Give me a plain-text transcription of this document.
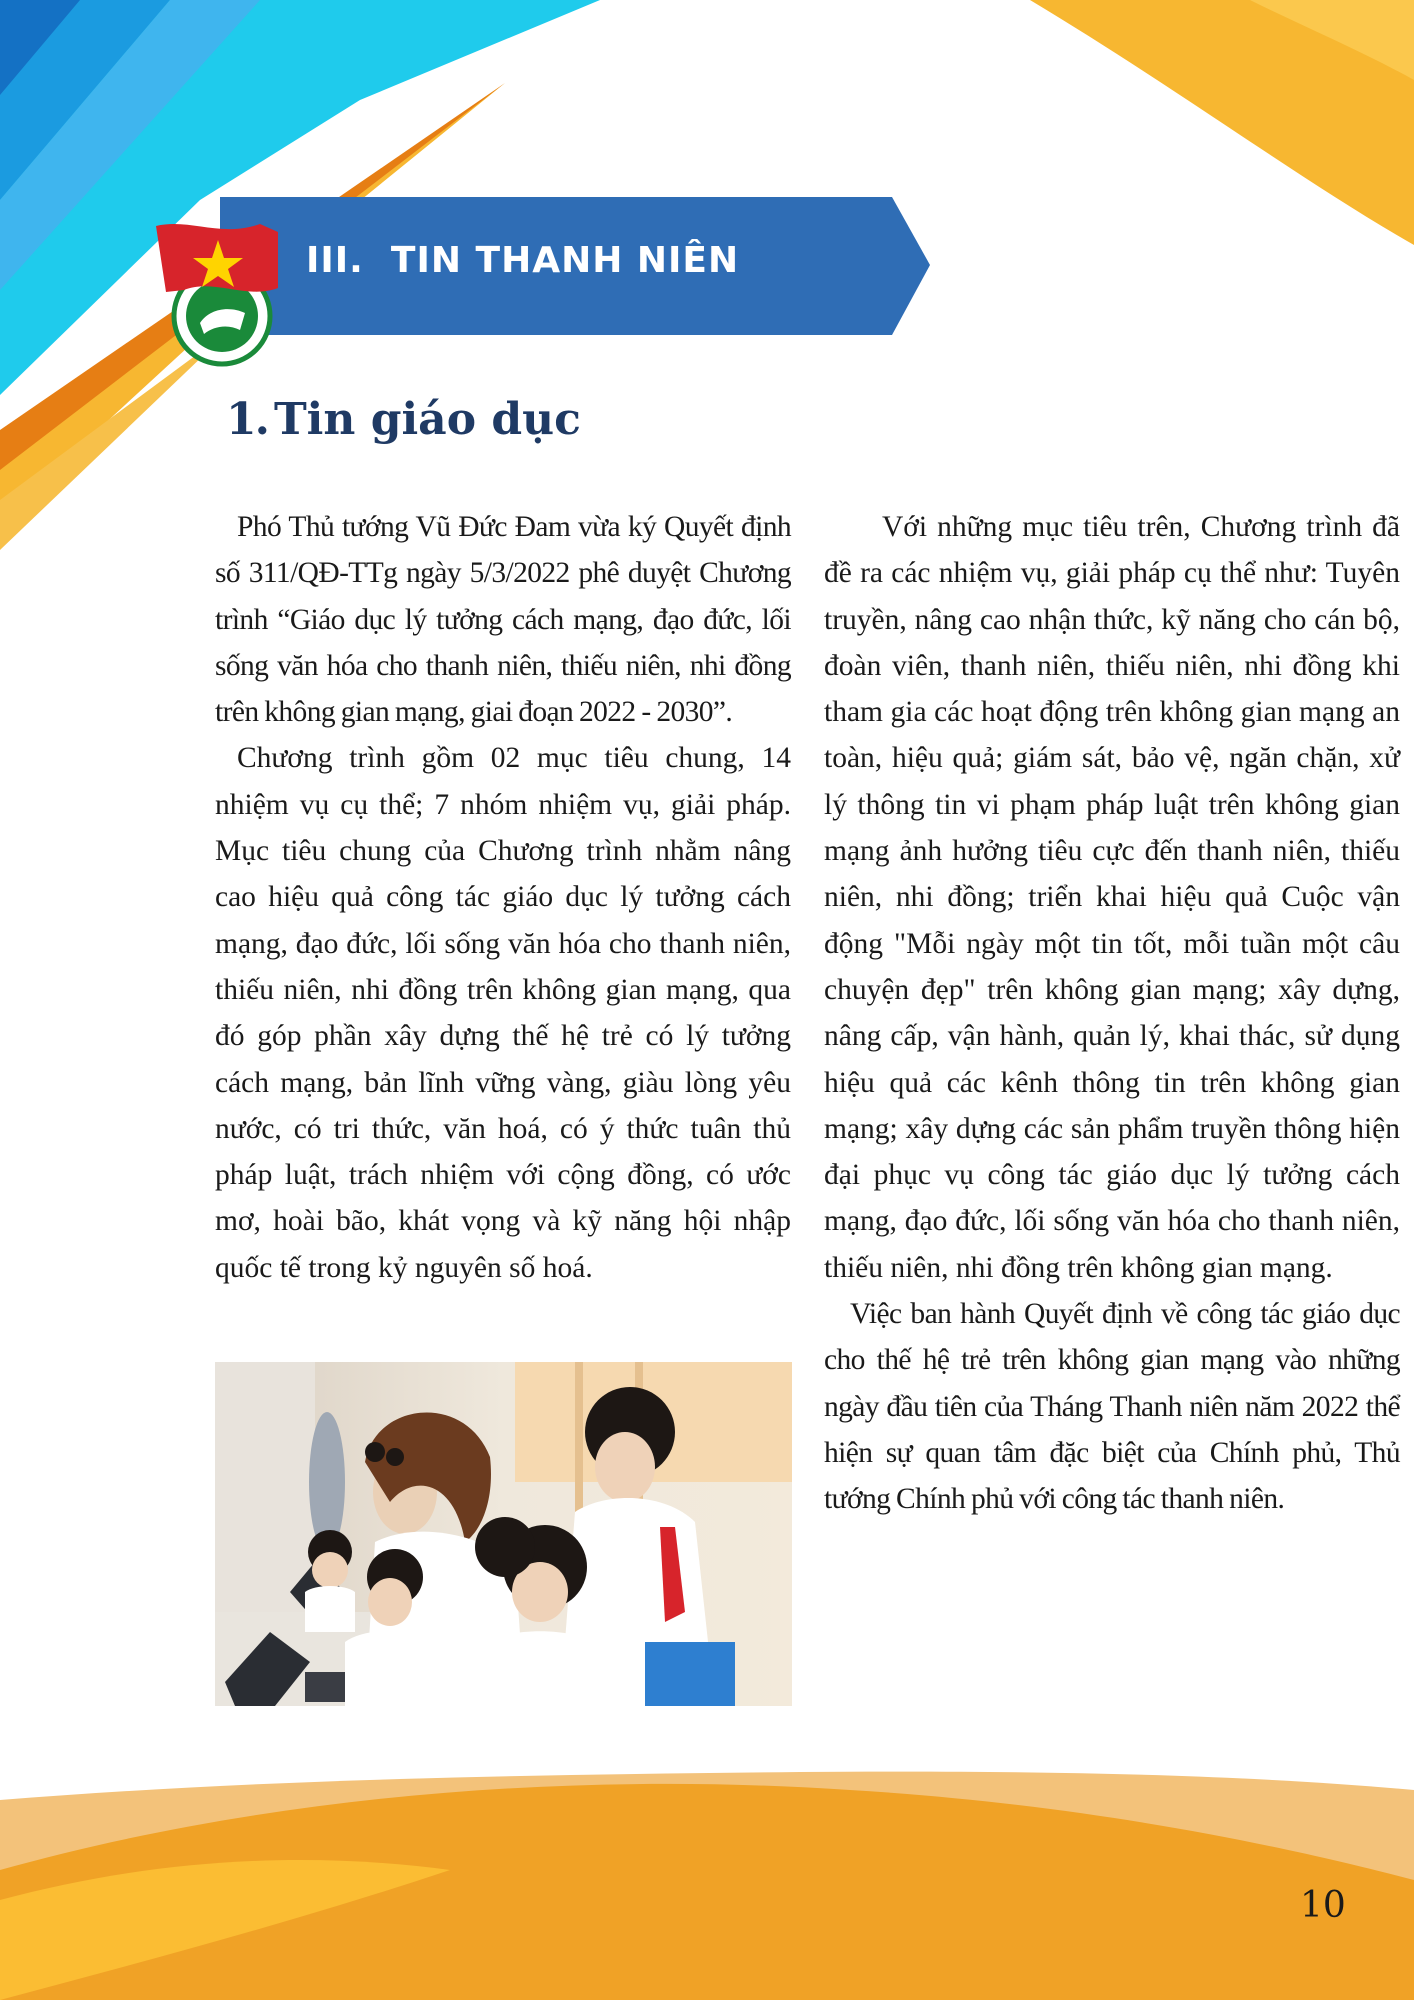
III.  TIN THANH NIÊN
1. Tin giáo dục

Phó Thủ tướng Vũ Đức Đam vừa ký Quyết định số 311/QĐ-TTg ngày 5/3/2022 phê duyệt Chương trình “Giáo dục lý tưởng cách mạng, đạo đức, lối sống văn hóa cho thanh niên, thiếu niên, nhi đồng trên không gian mạng, giai đoạn 2022 - 2030”.

Chương trình gồm 02 mục tiêu chung, 14 nhiệm vụ cụ thể; 7 nhóm nhiệm vụ, giải pháp. Mục tiêu chung của Chương trình nhằm nâng cao hiệu quả công tác giáo dục lý tưởng cách mạng, đạo đức, lối sống văn hóa cho thanh niên, thiếu niên, nhi đồng trên không gian mạng, qua đó góp phần xây dựng thế hệ trẻ có lý tưởng cách mạng, bản lĩnh vững vàng, giàu lòng yêu nước, có tri thức, văn hoá, có ý thức tuân thủ pháp luật, trách nhiệm với cộng đồng, có ước mơ, hoài bão, khát vọng và kỹ năng hội nhập quốc tế trong kỷ nguyên số hoá.

Với những mục tiêu trên, Chương trình đã đề ra các nhiệm vụ, giải pháp cụ thể như: Tuyên truyền, nâng cao nhận thức, kỹ năng cho cán bộ, đoàn viên, thanh niên, thiếu niên, nhi đồng khi tham gia các hoạt động trên không gian mạng an toàn, hiệu quả; giám sát, bảo vệ, ngăn chặn, xử lý thông tin vi phạm pháp luật trên không gian mạng ảnh hưởng tiêu cực đến thanh niên, thiếu niên, nhi đồng; triển khai hiệu quả Cuộc vận động "Mỗi ngày một tin tốt, mỗi tuần một câu chuyện đẹp" trên không gian mạng; xây dựng, nâng cấp, vận hành, quản lý, khai thác, sử dụng hiệu quả các kênh thông tin trên không gian mạng; xây dựng các sản phẩm truyền thông hiện đại phục vụ công tác giáo dục lý tưởng cách mạng, đạo đức, lối sống văn hóa cho thanh niên, thiếu niên, nhi đồng trên không gian mạng.

Việc ban hành Quyết định về công tác giáo dục cho thế hệ trẻ trên không gian mạng vào những ngày đầu tiên của Tháng Thanh niên năm 2022 thể hiện sự quan tâm đặc biệt của Chính phủ, Thủ tướng Chính phủ với công tác thanh niên.

10
